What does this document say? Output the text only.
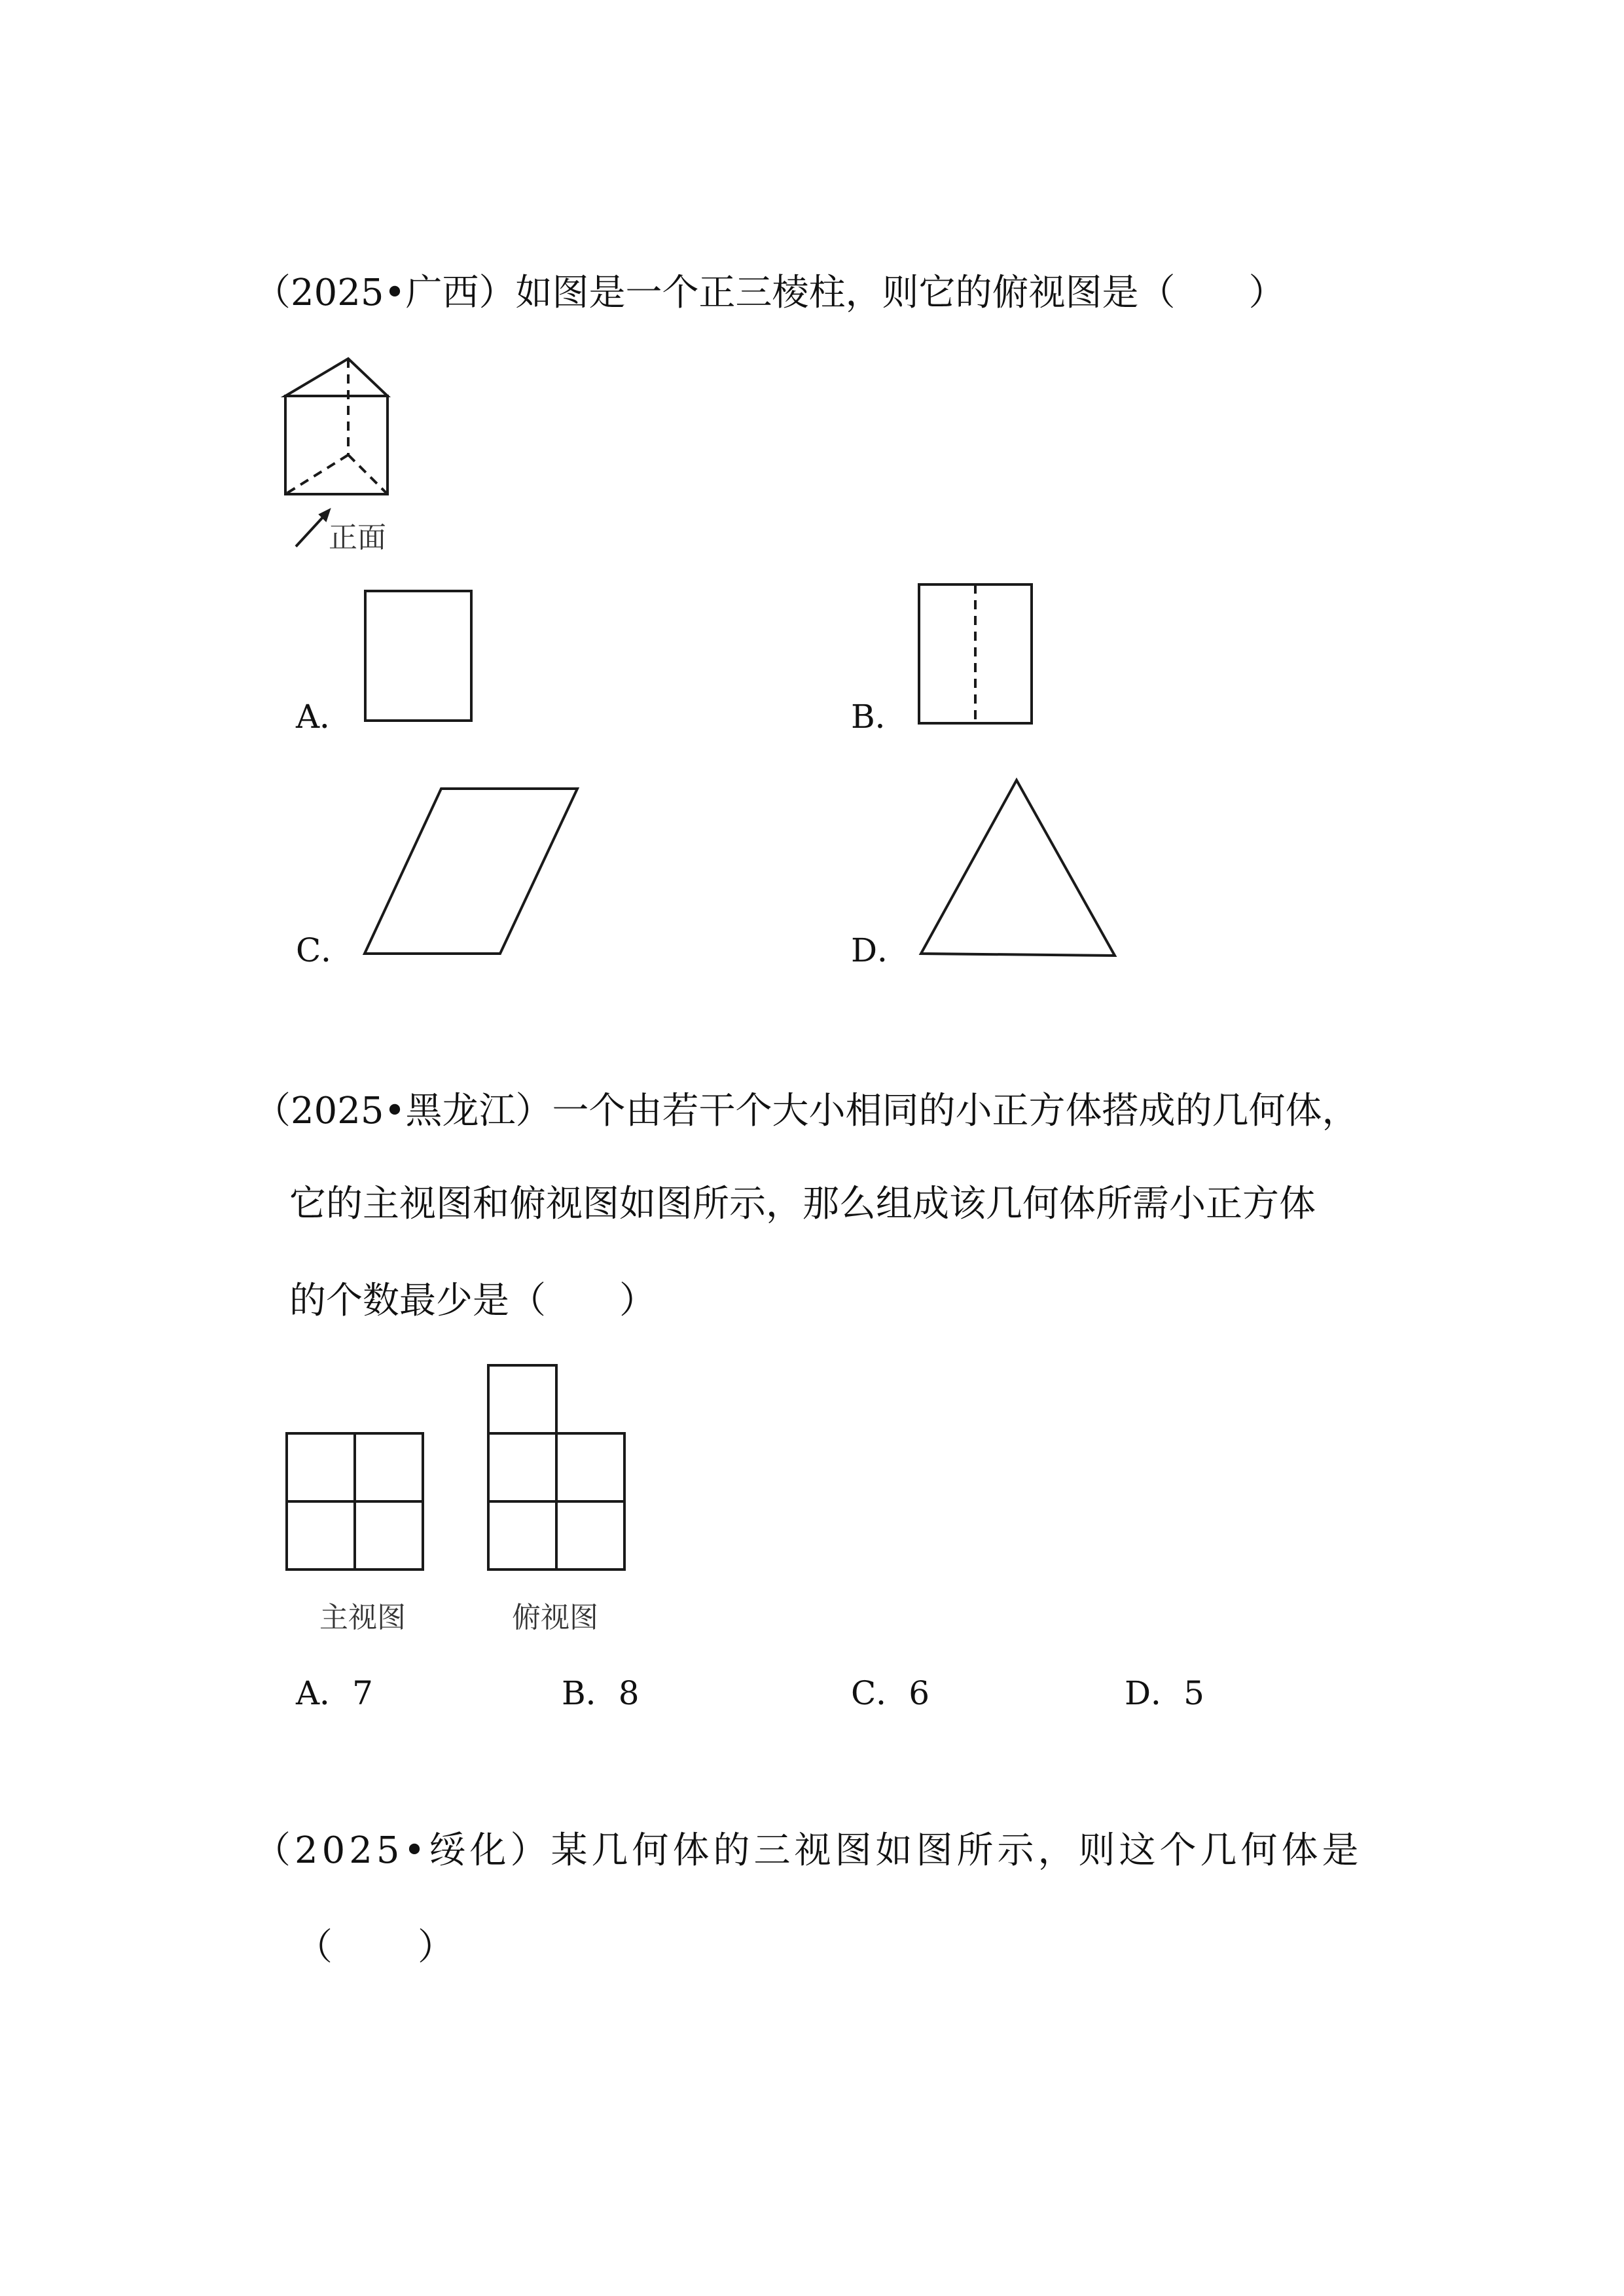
（2025•广西）如图是一个正三棱柱，则它的俯视图是（　　）
正面
A．	B．
C．	D．
（2025•黑龙江）一个由若干个大小相同的小正方体搭成的几何体，
它的主视图和俯视图如图所示，那么组成该几何体所需小正方体
的个数最少是（　　）
主视图	俯视图
A．7	B．8	C．6	D．5
（2025•绥化）某几何体的三视图如图所示，则这个几何体是
（　　）
